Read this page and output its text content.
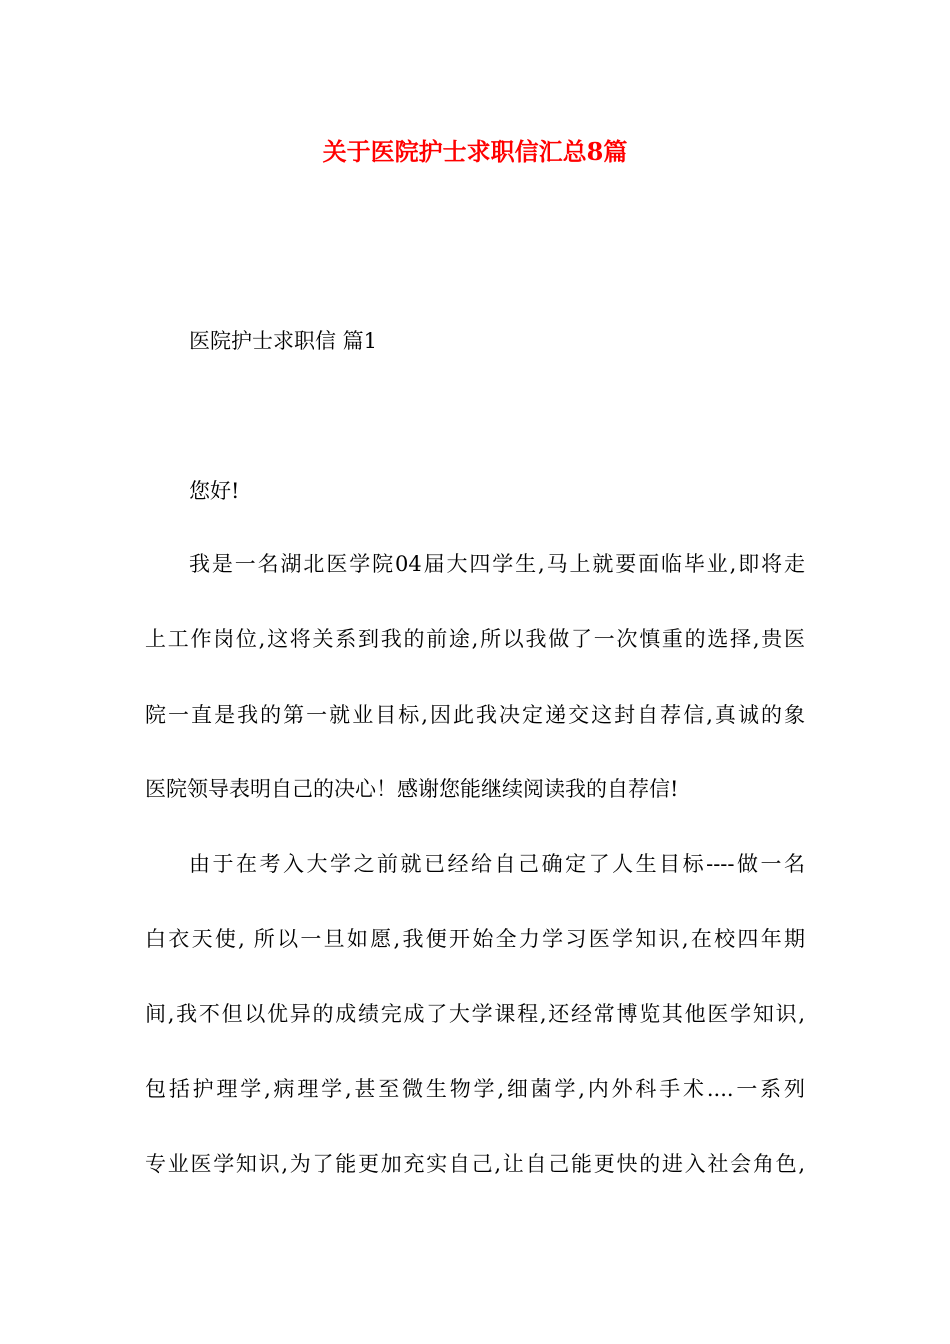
关于医院护士求职信汇总8篇
医院护士求职信 篇1
您好!
我是一名湖北医学院04届大四学生,马上就要面临毕业,即将走
上工作岗位,这将关系到我的前途,所以我做了一次慎重的选择,贵医
院一直是我的第一就业目标,因此我决定递交这封自荐信,真诚的象
医院领导表明自己的决心！感谢您能继续阅读我的自荐信!
由于在考入大学之前就已经给自己确定了人生目标----做一名
白衣天使, 所以一旦如愿,我便开始全力学习医学知识,在校四年期
间,我不但以优异的成绩完成了大学课程,还经常博览其他医学知识,
包括护理学,病理学,甚至微生物学,细菌学,内外科手术....一系列
专业医学知识,为了能更加充实自己,让自己能更快的进入社会角色,
